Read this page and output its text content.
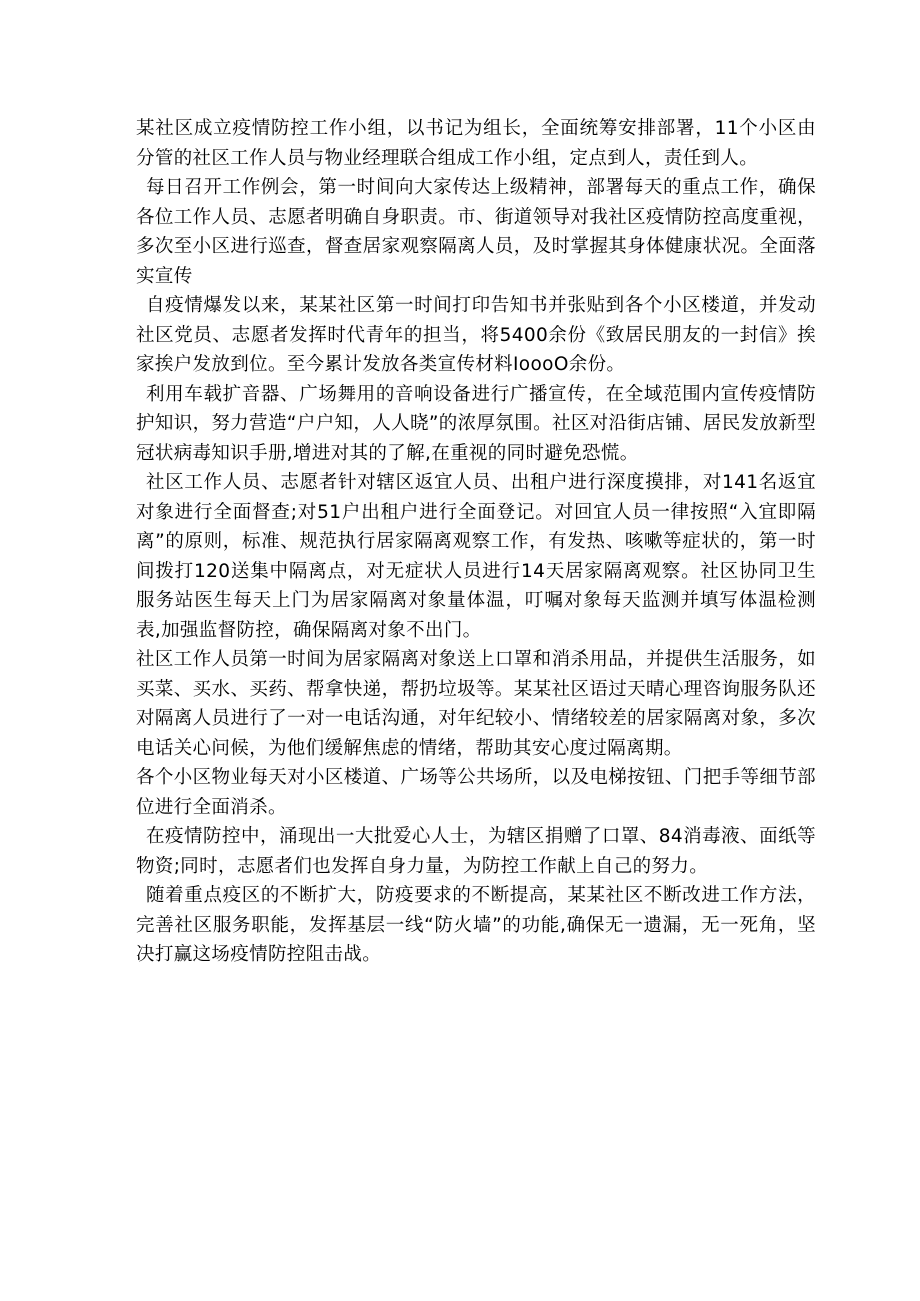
某社区成立疫情防控工作小组，以书记为组长，全面统筹安排部署，11个小区由分管的社区工作人员与物业经理联合组成工作小组，定点到人，责任到人。

每日召开工作例会，第一时间向大家传达上级精神，部署每天的重点工作，确保各位工作人员、志愿者明确自身职责。市、街道领导对我社区疫情防控高度重视，多次至小区进行巡查，督查居家观察隔离人员，及时掌握其身体健康状况。全面落实宣传

自疫情爆发以来，某某社区第一时间打印告知书并张贴到各个小区楼道，并发动社区党员、志愿者发挥时代青年的担当，将5400余份《致居民朋友的一封信》挨家挨户发放到位。至今累计发放各类宣传材料IoooO余份。

利用车载扩音器、广场舞用的音响设备进行广播宣传，在全域范围内宣传疫情防护知识，努力营造“户户知，人人晓”的浓厚氛围。社区对沿街店铺、居民发放新型冠状病毒知识手册,增进对其的了解,在重视的同时避免恐慌。

社区工作人员、志愿者针对辖区返宜人员、出租户进行深度摸排，对141名返宜对象进行全面督查;对51户出租户进行全面登记。对回宜人员一律按照“入宜即隔离”的原则，标准、规范执行居家隔离观察工作，有发热、咳嗽等症状的，第一时间拨打120送集中隔离点，对无症状人员进行14天居家隔离观察。社区协同卫生服务站医生每天上门为居家隔离对象量体温，叮嘱对象每天监测并填写体温检测表,加强监督防控，确保隔离对象不出门。

社区工作人员第一时间为居家隔离对象送上口罩和消杀用品，并提供生活服务，如买菜、买水、买药、帮拿快递，帮扔垃圾等。某某社区语过天晴心理咨询服务队还对隔离人员进行了一对一电话沟通，对年纪较小、情绪较差的居家隔离对象，多次电话关心问候，为他们缓解焦虑的情绪，帮助其安心度过隔离期。

各个小区物业每天对小区楼道、广场等公共场所，以及电梯按钮、门把手等细节部位进行全面消杀。

在疫情防控中，涌现出一大批爱心人士，为辖区捐赠了口罩、84消毒液、面纸等物资;同时，志愿者们也发挥自身力量，为防控工作献上自己的努力。

随着重点疫区的不断扩大，防疫要求的不断提高，某某社区不断改进工作方法，完善社区服务职能，发挥基层一线“防火墙”的功能,确保无一遗漏，无一死角，坚决打赢这场疫情防控阻击战。
